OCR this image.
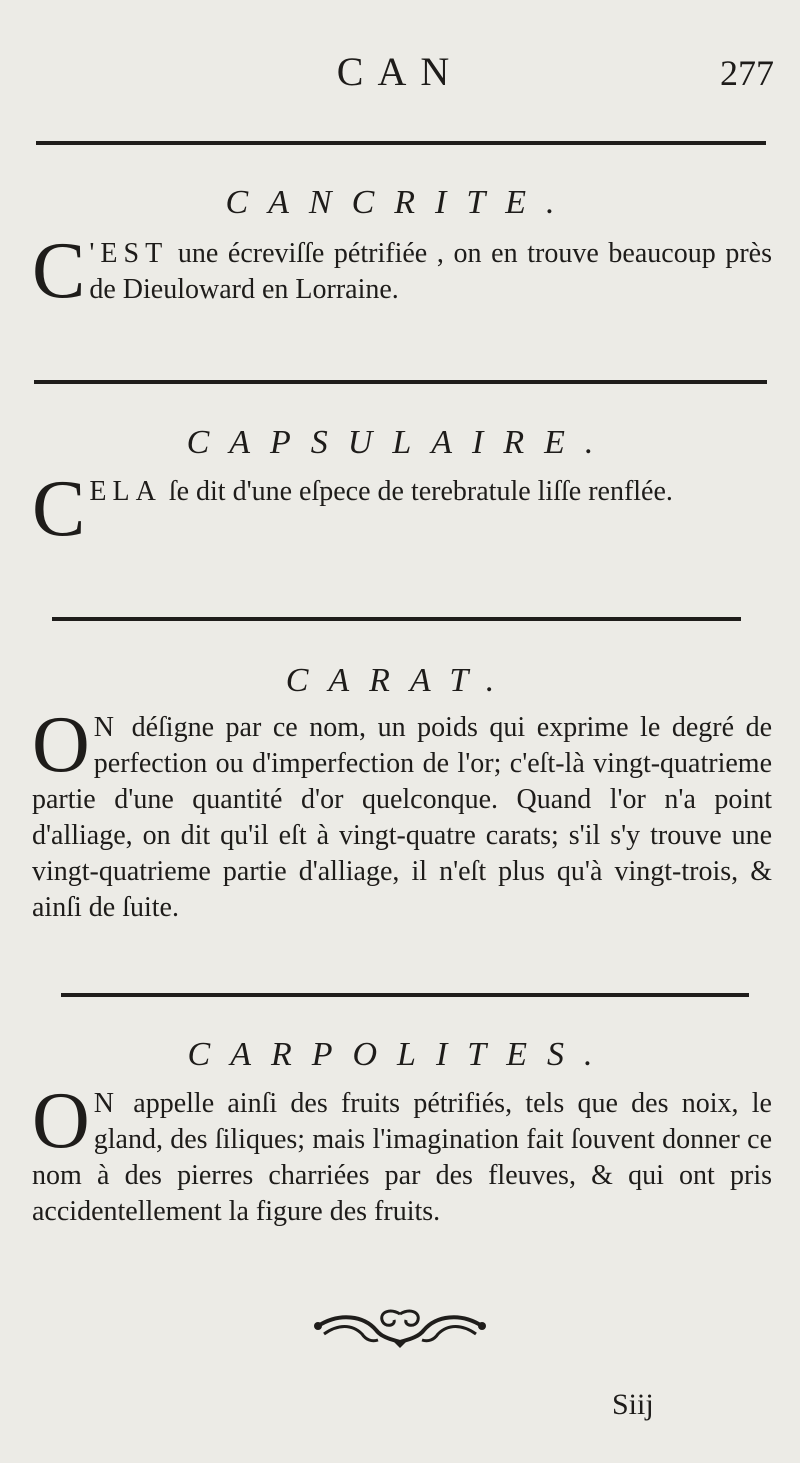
CAN	277
CANCRITE.
C 'EST une écreviſſe pétrifiée , on en trouve beaucoup près de Dieuloward en Lorraine.
CAPSULAIRE.
CELA ſe dit d'une eſpece de terebratule liſſe renflée.
CARAT.
O N déſigne par ce nom, un poids qui exprime le degré de perfection ou d'imperfection de l'or; c'eſt-là vingt-quatrieme partie d'une quantité d'or quelconque. Quand l'or n'a point d'alliage, on dit qu'il eſt à vingt-quatre carats; s'il s'y trouve une vingt-quatrieme partie d'alliage, il n'eſt plus qu'à vingt-trois, & ainſi de ſuite.
CARPOLITES.
O N appelle ainſi des fruits pétrifiés, tels que des noix, le gland, des ſiliques; mais l'imagination fait ſouvent donner ce nom à des pierres charriées par des fleuves, & qui ont pris accidentellement la figure des fruits.
Siij
